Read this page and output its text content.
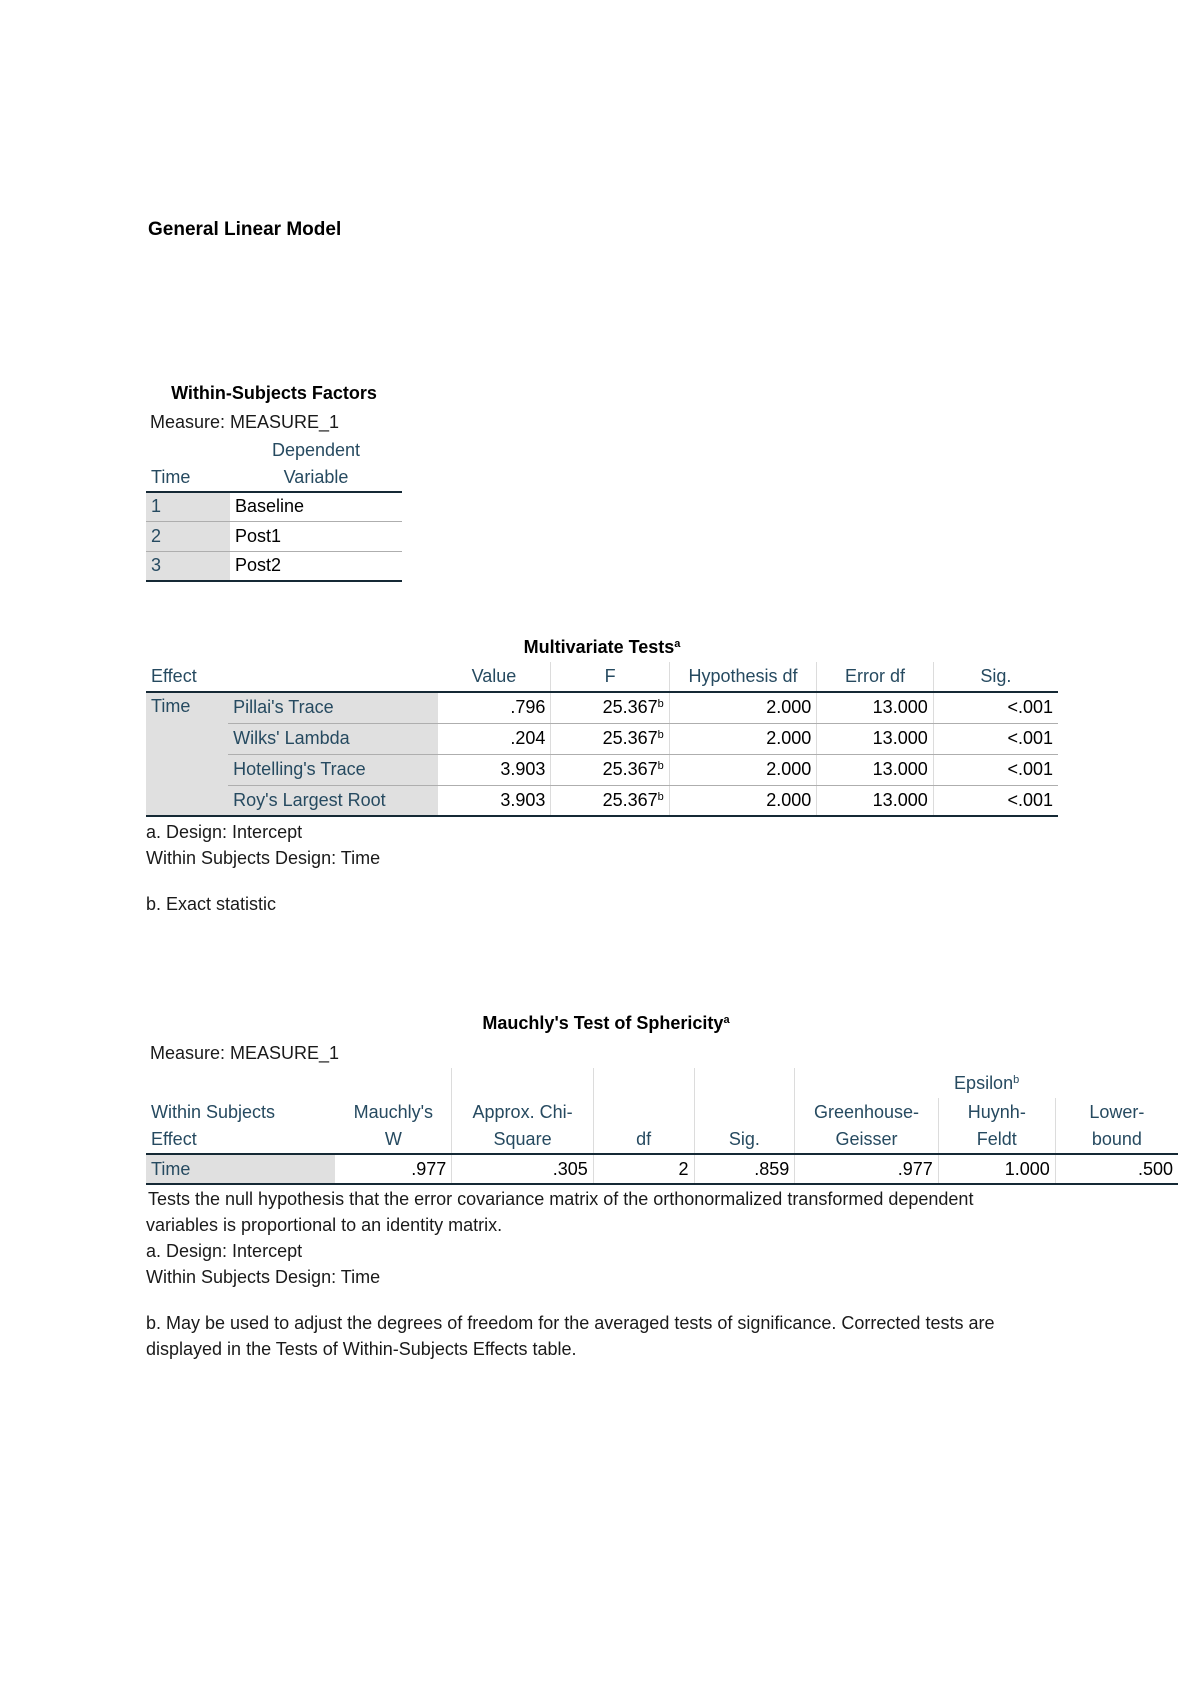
General Linear Model
Within-Subjects Factors
Measure: MEASURE_1
	Dependent
Time	Variable
1	Baseline
2	Post1
3	Post2
Multivariate Tests$^a$
Effect		Value	F	Hypothesis df	Error df	Sig.
Time	Pillai's Trace	.796	25.367$^b$	2.000	13.000	<.001
	Wilks' Lambda	.204	25.367$^b$	2.000	13.000	<.001
	Hotelling's Trace	3.903	25.367$^b$	2.000	13.000	<.001
	Roy's Largest Root	3.903	25.367$^b$	2.000	13.000	<.001
a. Design: Intercept
Within Subjects Design: Time
b. Exact statistic
Mauchly's Test of Sphericity$^a$
Measure: MEASURE_1
					Epsilon$^b$
Within Subjects	Mauchly's	Approx. Chi-			Greenhouse-	Huynh-	Lower-
Effect	W	Square	df	Sig.	Geisser	Feldt	bound
Time	.977	.305	2	.859	.977	1.000	.500
Tests the null hypothesis that the error covariance matrix of the orthonormalized transformed dependent
variables is proportional to an identity matrix.
a. Design: Intercept
Within Subjects Design: Time
b. May be used to adjust the degrees of freedom for the averaged tests of significance. Corrected tests are
displayed in the Tests of Within-Subjects Effects table.
